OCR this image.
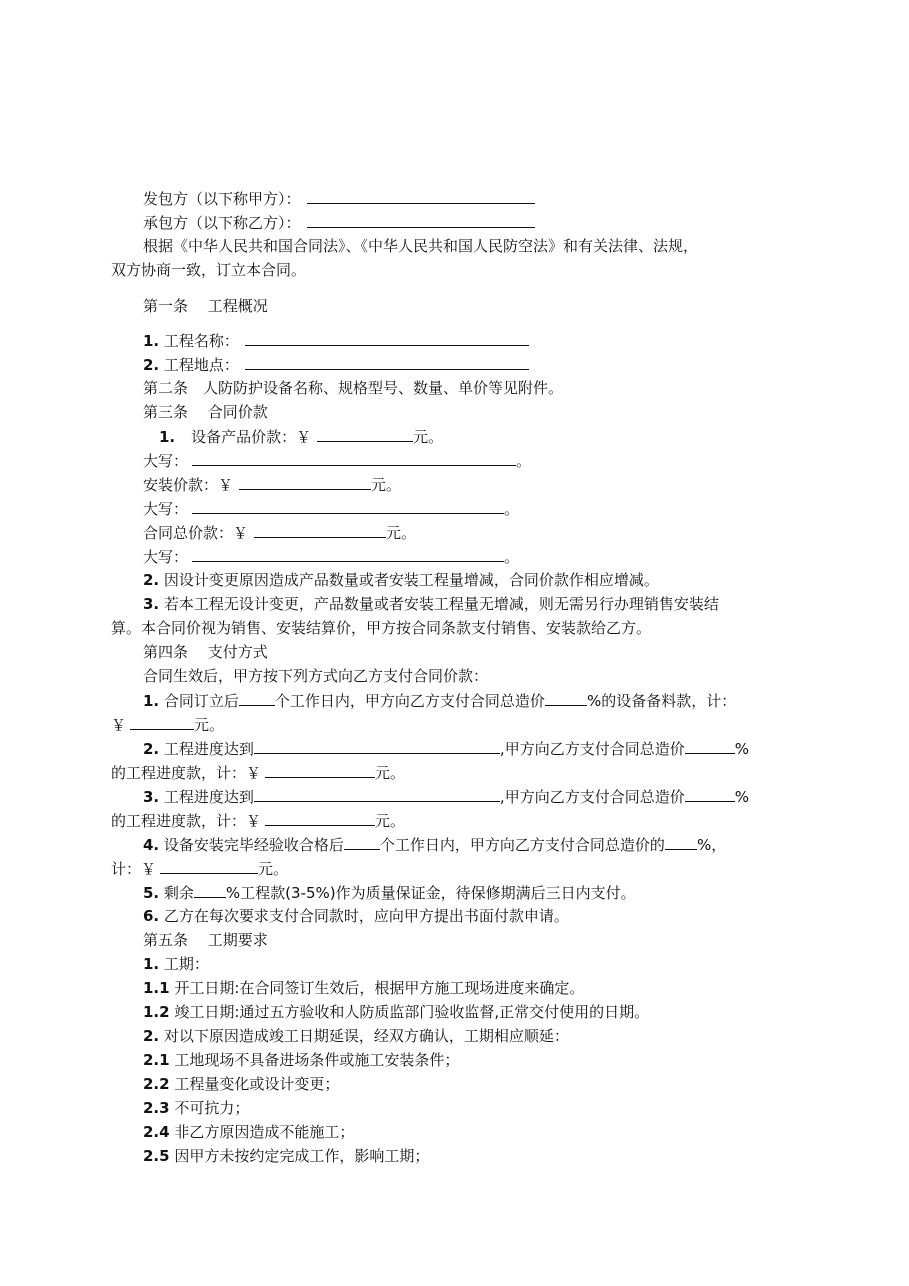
发包方（以下称甲方）：
承包方（以下称乙方）：
根据《中华人民共和国合同法》、《中华人民共和国人民防空法》和有关法律、法规，
双方协商一致，订立本合同。
第一条　 工程概况
1. 工程名称：
2. 工程地点：
第二条　人防防护设备名称、规格型号、数量、单价等见附件。
第三条　 合同价款
1. 设备产品价款：￥	元。
大写：	。
安装价款：￥	元。
大写：	。
合同总价款：￥	元。
大写：	。
2. 因设计变更原因造成产品数量或者安装工程量增减，合同价款作相应增减。
3. 若本工程无设计变更，产品数量或者安装工程量无增减，则无需另行办理销售安装结
算。本合同价视为销售、安装结算价，甲方按合同条款支付销售、安装款给乙方。
第四条　 支付方式
合同生效后，甲方按下列方式向乙方支付合同价款：
1. 合同订立后 个工作日内，甲方向乙方支付合同总造价	%的设备备料款，计：
￥	元。
2. 工程进度达到	,甲方向乙方支付合同总造价	%
的工程进度款，计：￥	元。
3. 工程进度达到	,甲方向乙方支付合同总造价	%
的工程进度款，计：￥	元。
4. 设备安装完毕经验收合格后 个工作日内，甲方向乙方支付合同总造价的 %，
计：￥	元。
5. 剩余 %工程款(3-5%)作为质量保证金，待保修期满后三日内支付。
6. 乙方在每次要求支付合同款时，应向甲方提出书面付款申请。
第五条　 工期要求
1. 工期：
1.1 开工日期:在合同签订生效后，根据甲方施工现场进度来确定。
1.2 竣工日期:通过五方验收和人防质监部门验收监督,正常交付使用的日期。
2. 对以下原因造成竣工日期延误，经双方确认，工期相应顺延：
2.1 工地现场不具备进场条件或施工安装条件；
2.2 工程量变化或设计变更；
2.3 不可抗力；
2.4 非乙方原因造成不能施工；
2.5 因甲方未按约定完成工作，影响工期；
